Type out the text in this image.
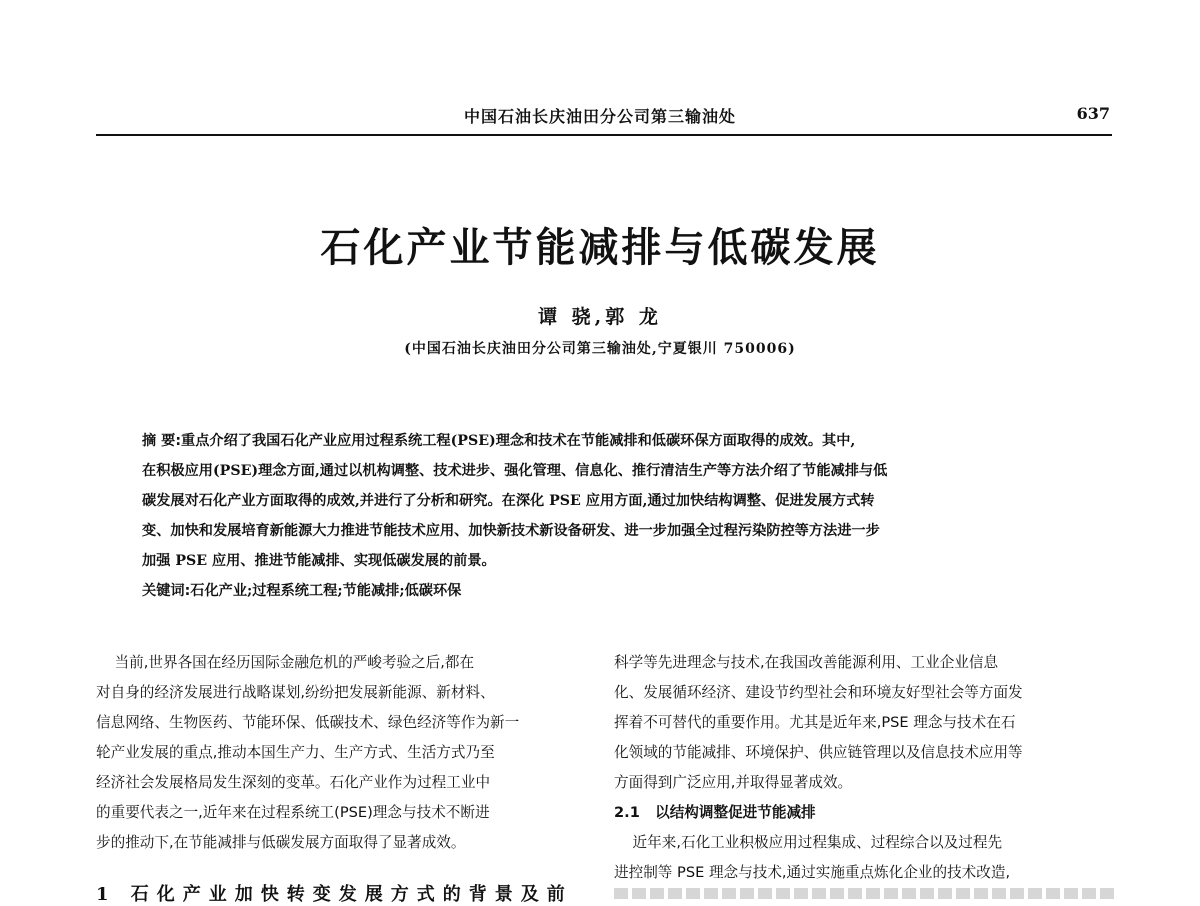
中国石油长庆油田分公司第三输油处	637
石化产业节能减排与低碳发展
谭 骁,郭 龙
(中国石油长庆油田分公司第三输油处,宁夏银川 750006)
摘 要:重点介绍了我国石化产业应用过程系统工程(PSE)理念和技术在节能减排和低碳环保方面取得的成效。其中,
在积极应用(PSE)理念方面,通过以机构调整、技术进步、强化管理、信息化、推行清洁生产等方法介绍了节能减排与低
碳发展对石化产业方面取得的成效,并进行了分析和研究。在深化 PSE 应用方面,通过加快结构调整、促进发展方式转
变、加快和发展培育新能源大力推进节能技术应用、加快新技术新设备研发、进一步加强全过程污染防控等方法进一步
加强 PSE 应用、推进节能减排、实现低碳发展的前景。
关键词:石化产业;过程系统工程;节能减排;低碳环保
当前,世界各国在经历国际金融危机的严峻考验之后,都在
对自身的经济发展进行战略谋划,纷纷把发展新能源、新材料、
信息网络、生物医药、节能环保、低碳技术、绿色经济等作为新一
轮产业发展的重点,推动本国生产力、生产方式、生活方式乃至
经济社会发展格局发生深刻的变革。石化产业作为过程工业中
的重要代表之一,近年来在过程系统工(PSE)理念与技术不断进
步的推动下,在节能减排与低碳发展方面取得了显著成效。
1 石化产业加快转变发展方式的背景及前
科学等先进理念与技术,在我国改善能源利用、工业企业信息
化、发展循环经济、建设节约型社会和环境友好型社会等方面发
挥着不可替代的重要作用。尤其是近年来,PSE 理念与技术在石
化领域的节能减排、环境保护、供应链管理以及信息技术应用等
方面得到广泛应用,并取得显著成效。
2.1   以结构调整促进节能减排
近年来,石化工业积极应用过程集成、过程综合以及过程先
进控制等 PSE 理念与技术,通过实施重点炼化企业的技术改造,
